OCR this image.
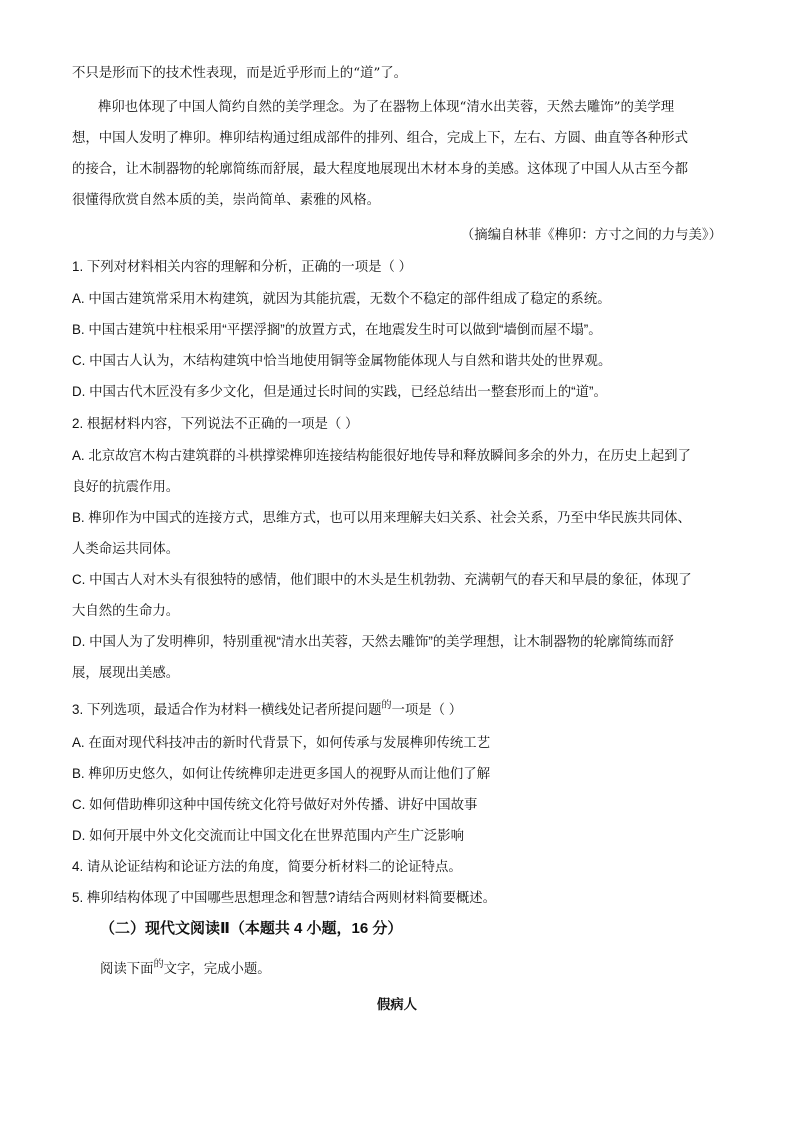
不只是形而下的技术性表现，而是近乎形而上的“道”了。
榫卯也体现了中国人简约自然的美学理念。为了在器物上体现“清水出芙蓉，天然去雕饰”的美学理
想，中国人发明了榫卯。榫卯结构通过组成部件的排列、组合，完成上下，左右、方圆、曲直等各种形式
的接合，让木制器物的轮廓简练而舒展，最大程度地展现出木材本身的美感。这体现了中国人从古至今都
很懂得欣赏自然本质的美，崇尚简单、素雅的风格。
（摘编自林菲《榫卯：方寸之间的力与美》）
1. 下列对材料相关内容的理解和分析，正确的一项是（ ）
A. 中国古建筑常采用木构建筑，就因为其能抗震，无数个不稳定的部件组成了稳定的系统。
B. 中国古建筑中柱根采用“平摆浮搁”的放置方式，在地震发生时可以做到“墙倒而屋不塌”。
C. 中国古人认为，木结构建筑中恰当地使用铜等金属物能体现人与自然和谐共处的世界观。
D. 中国古代木匠没有多少文化，但是通过长时间的实践，已经总结出一整套形而上的“道”。
2. 根据材料内容，下列说法不正确的一项是（ ）
A. 北京故宫木构古建筑群的斗栱撑梁榫卯连接结构能很好地传导和释放瞬间多余的外力，在历史上起到了
良好的抗震作用。
B. 榫卯作为中国式的连接方式，思维方式，也可以用来理解夫妇关系、社会关系，乃至中华民族共同体、
人类命运共同体。
C. 中国古人对木头有很独特的感情，他们眼中的木头是生机勃勃、充满朝气的春天和早晨的象征，体现了
大自然的生命力。
D. 中国人为了发明榫卯，特别重视“清水出芙蓉，天然去雕饰”的美学理想，让木制器物的轮廓简练而舒
展，展现出美感。
3. 下列选项，最适合作为材料一横线处记者所提问题$^的$一项是（ ）
A. 在面对现代科技冲击的新时代背景下，如何传承与发展榫卯传统工艺
B. 榫卯历史悠久，如何让传统榫卯走进更多国人的视野从而让他们了解
C. 如何借助榫卯这种中国传统文化符号做好对外传播、讲好中国故事
D. 如何开展中外文化交流而让中国文化在世界范围内产生广泛影响
4. 请从论证结构和论证方法的角度，简要分析材料二的论证特点。
5. 榫卯结构体现了中国哪些思想理念和智慧?请结合两则材料简要概述。
（二）现代文阅读Ⅱ（本题共 4 小题，16 分）
阅读下面$^的$文字，完成小题。
假病人
